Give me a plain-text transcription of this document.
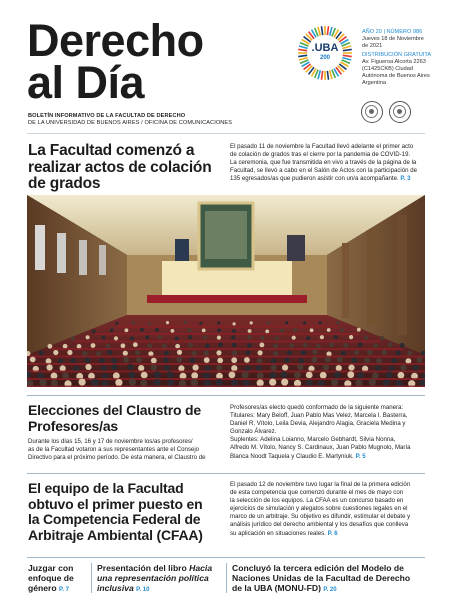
Derecho
al Día
BOLETÍN INFORMATIVO DE LA FACULTAD DE DERECHO
DE LA UNIVERSIDAD DE BUENOS AIRES / OFICINA DE COMUNICACIONES
.UBA
200
AÑO 20 | NÚMERO 986
Jueves 18 de Noviembre
de 2021
DISTRIBUCIÓN GRATUITA
Av. Figueroa Alcorta 2263
(C1425CKB) Ciudad
Autónoma de Buenos Aires
Argentina
La Facultad comenzó a
realizar actos de colación
de grados
El pasado 11 de noviembre la Facultad llevó adelante el primer acto
de colación de grados tras el cierre por la pandemia de COVID-19.
La ceremonia, que fue transmitida en vivo a través de la página de la
Facultad, se llevó a cabo en el Salón de Actos con la participación de
135 egresados/as que pudieron asistir con un/a acompañante. P. 3
Elecciones del Claustro de
Profesores/as
Durante los días 15, 16 y 17 de noviembre los/as profesores/
as de la Facultad votaron a sus representantes ante el Consejo
Directivo para el próximo período. De esta manera, el Claustro de
Profesores/as electo quedó conformado de la siguiente manera:
Titulares: Mary Beloff, Juan Pablo Mas Velez, Marcela I. Basterra,
Daniel R. Vítolo, Leila Devia, Alejandro Alagia, Graciela Medina y
Gonzalo Álvarez.
Suplentes: Adelina Loianno, Marcelo Gebhardt, Silvia Nonna,
Alfredo M. Vítolo, Nancy S. Cardinaux, Juan Pablo Mugnolo, María
Blanca Noodt Taquela y Claudio E. Martyniuk. P. 5
El equipo de la Facultad
obtuvo el primer puesto en
la Competencia Federal de
Arbitraje Ambiental (CFAA)
El pasado 12 de noviembre tuvo lugar la final de la primera edición
de esta competencia que comenzó durante el mes de mayo con
la selección de los equipos. La CFAA es un concurso basado en
ejercicios de simulación y alegatos sobre cuestiones legales en el
marco de un arbitraje. Su objetivo es difundir, estimular el debate y
análisis jurídico del derecho ambiental y los desafíos que conlleva
su aplicación en situaciones reales. P. 6
Juzgar con
enfoque de
género P. 7
Presentación del libro Hacia
una representación política
inclusiva P. 10
Concluyó la tercera edición del Modelo de
Naciones Unidas de la Facultad de Derecho
de la UBA (MONU-FD) P. 20
